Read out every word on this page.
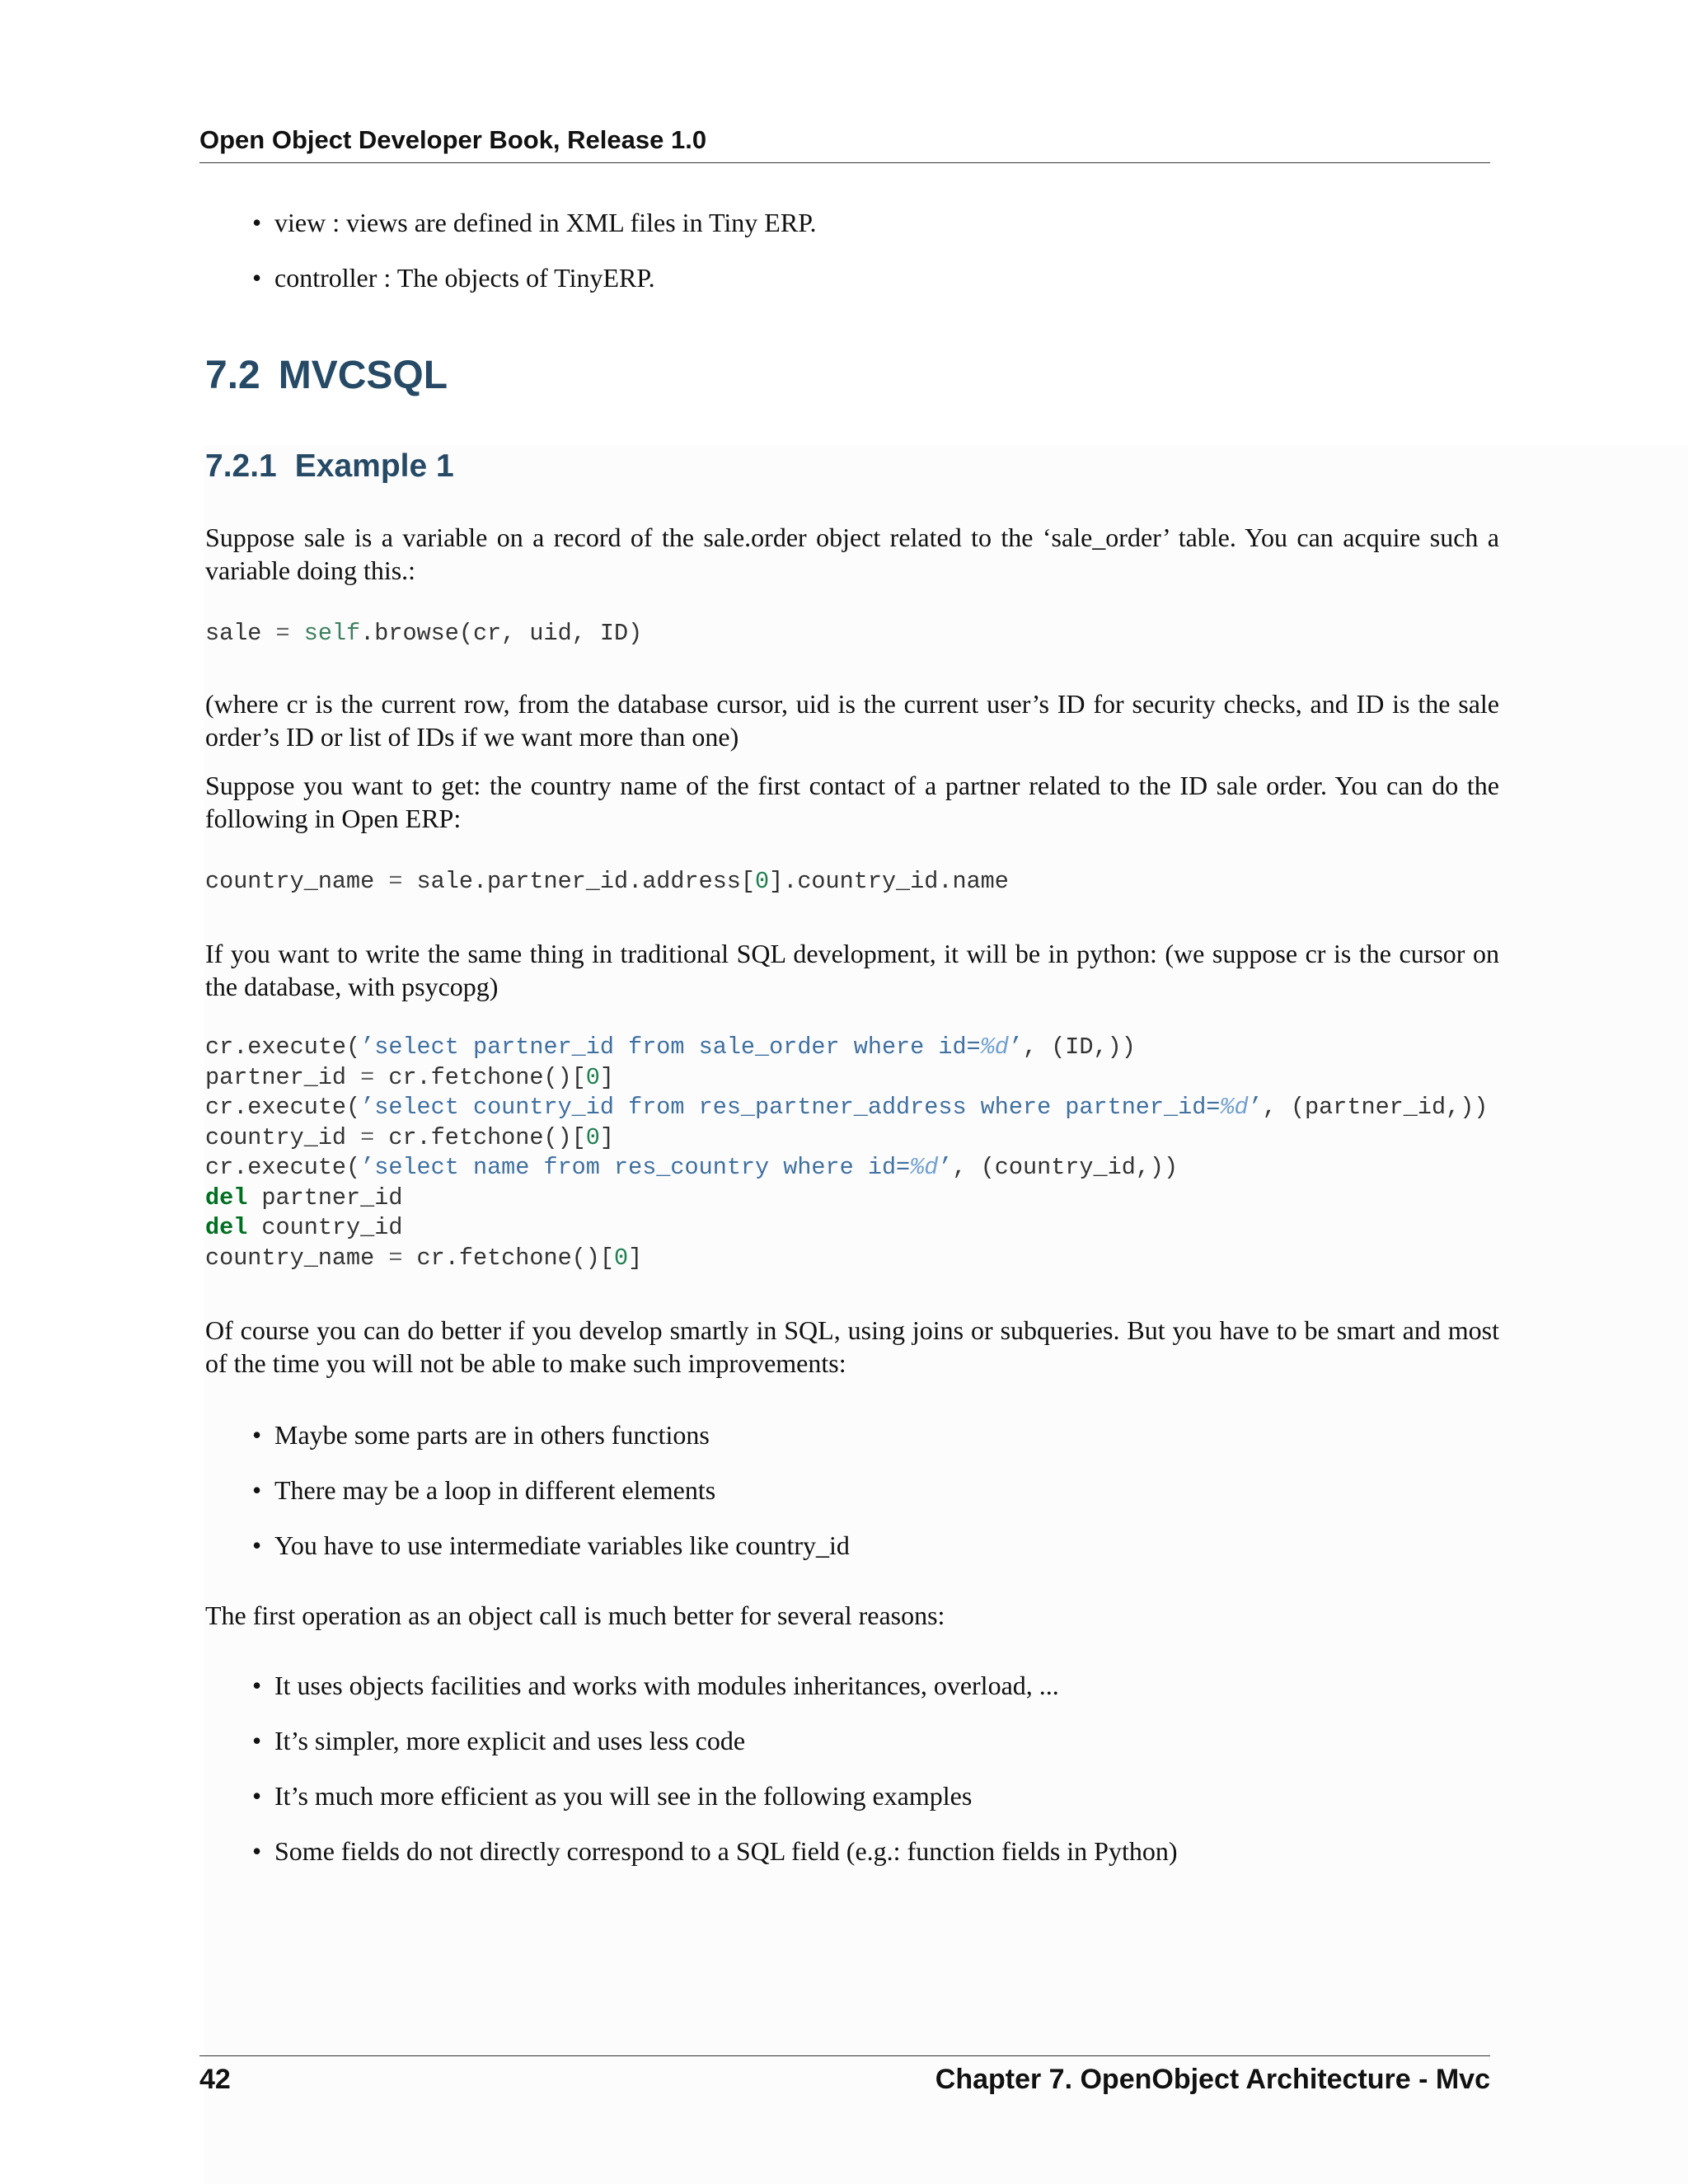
Open Object Developer Book, Release 1.0
• view : views are defined in XML files in Tiny ERP.
• controller : The objects of TinyERP.
7.2 MVCSQL
7.2.1 Example 1

Suppose sale is a variable on a record of the sale.order object related to the ‘sale_order’ table. You can acquire such a variable doing this.:

sale = self.browse(cr, uid, ID)

(where cr is the current row, from the database cursor, uid is the current user’s ID for security checks, and ID is the sale order’s ID or list of IDs if we want more than one)

Suppose you want to get: the country name of the first contact of a partner related to the ID sale order. You can do the following in Open ERP:

country_name = sale.partner_id.address[0].country_id.name

If you want to write the same thing in traditional SQL development, it will be in python: (we suppose cr is the cursor on the database, with psycopg)

cr.execute(’select partner_id from sale_order where id=%d’, (ID,))
partner_id = cr.fetchone()[0]
cr.execute(’select country_id from res_partner_address where partner_id=%d’, (partner_id,))
country_id = cr.fetchone()[0]
cr.execute(’select name from res_country where id=%d’, (country_id,))
del partner_id
del country_id
country_name = cr.fetchone()[0]

Of course you can do better if you develop smartly in SQL, using joins or subqueries. But you have to be smart and most of the time you will not be able to make such improvements:

• Maybe some parts are in others functions
• There may be a loop in different elements
• You have to use intermediate variables like country_id

The first operation as an object call is much better for several reasons:

• It uses objects facilities and works with modules inheritances, overload, ...
• It’s simpler, more explicit and uses less code
• It’s much more efficient as you will see in the following examples
• Some fields do not directly correspond to a SQL field (e.g.: function fields in Python)
42	Chapter 7. OpenObject Architecture - Mvc
